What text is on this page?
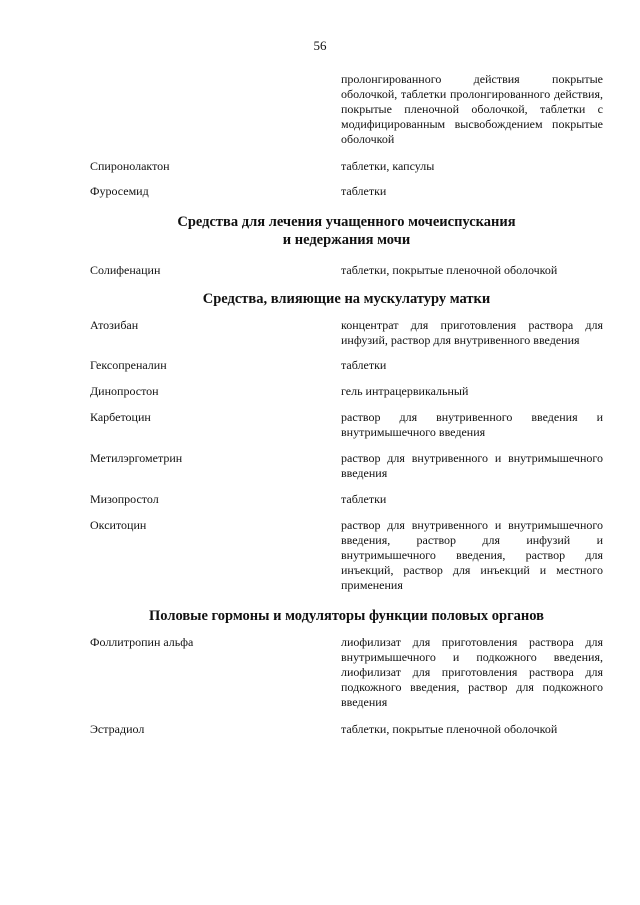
56
пролонгированного действия покрытые оболочкой, таблетки пролонгированного действия, покрытые пленочной оболочкой, таблетки с модифицированным высвобождением покрытые оболочкой
Спиронолактон	таблетки, капсулы
Фуросемид	таблетки
Средства для лечения учащенного мочеиспускания
и недержания мочи
Солифенацин	таблетки, покрытые пленочной оболочкой
Средства, влияющие на мускулатуру матки
Атозибан	концентрат для приготовления раствора для инфузий, раствор для внутривенного введения
Гексопреналин	таблетки
Динопростон	гель интрацервикальный
Карбетоцин	раствор для внутривенного введения и внутримышечного введения
Метилэргометрин	раствор для внутривенного и внутримышечного введения
Мизопростол	таблетки
Окситоцин	раствор для внутривенного и внутримышечного введения, раствор для инфузий и внутримышечного введения, раствор для инъекций, раствор для инъекций и местного применения
Половые гормоны и модуляторы функции половых органов
Фоллитропин альфа	лиофилизат для приготовления раствора для внутримышечного и подкожного введения, лиофилизат для приготовления раствора для подкожного введения, раствор для подкожного введения
Эстрадиол	таблетки, покрытые пленочной оболочкой
